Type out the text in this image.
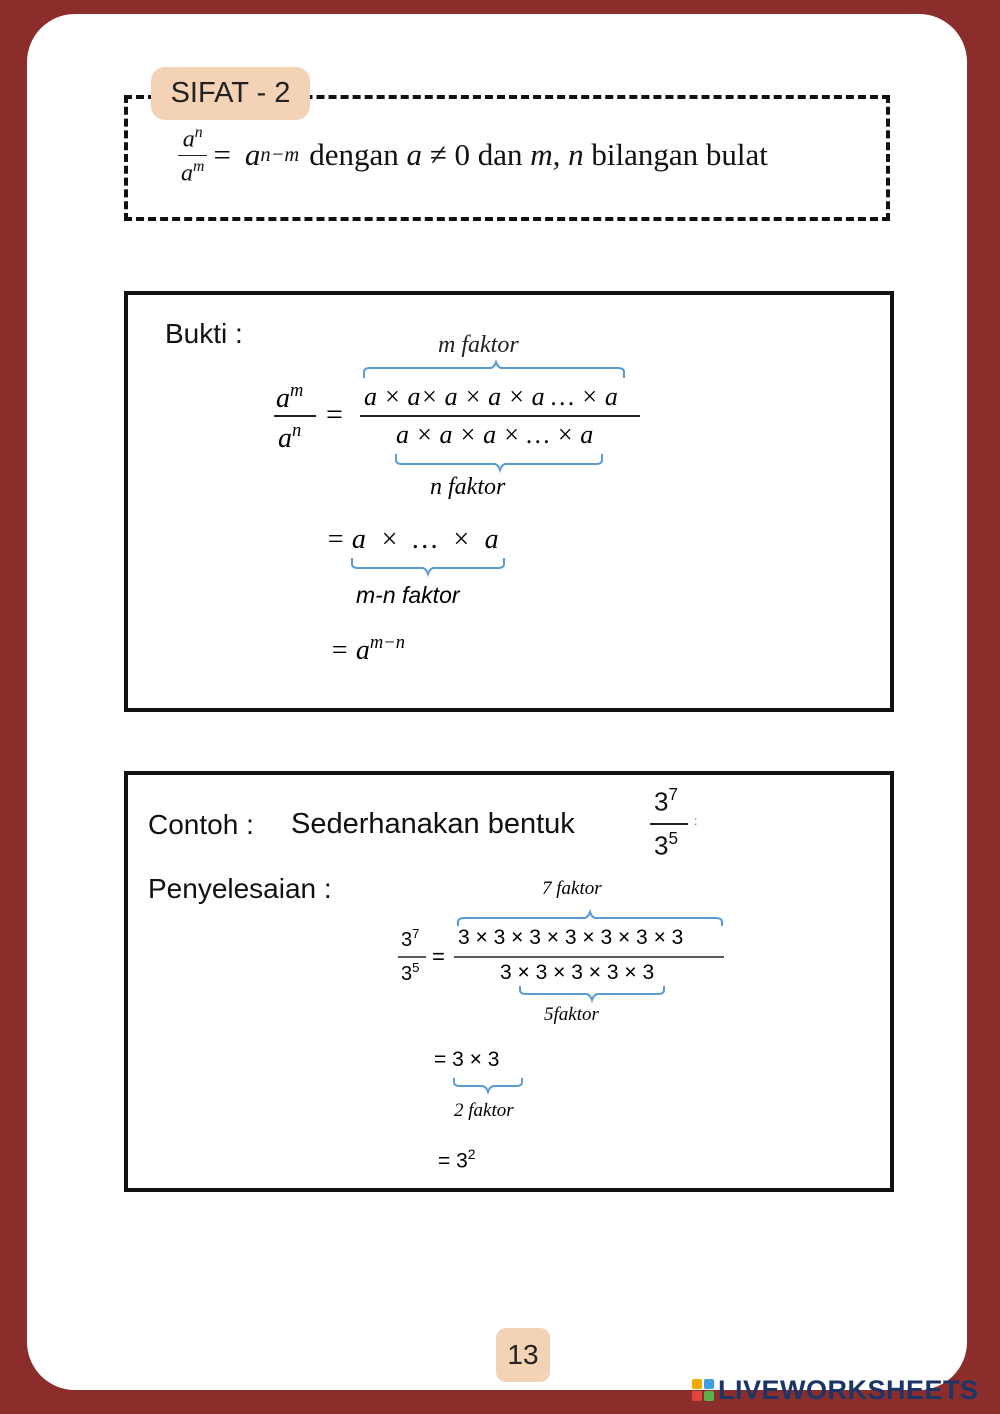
SIFAT - 2
$\frac{a^n}{a^m} = a$ n−m dengan a ≠ 0 dan m, n bilangan bulat
Bukti :	m faktor
$a^m$
$a^n$ =
a × a× a × a × a … × a
a × a × a × … × a
n faktor
= a  ×  …  ×  a
m-n faktor
= $a^{m-n}$
Contoh : Sederhanakan bentuk
$3^7$
$3^5$
:
Penyelesaian :	7 faktor
$3^7$
$3^5$ =
3 × 3 × 3 × 3 × 3 × 3 × 3
3 × 3 × 3 × 3 × 3
5faktor
= 3 × 3
2 faktor
= $3^2$
13
LIVEWORKSHEETS
